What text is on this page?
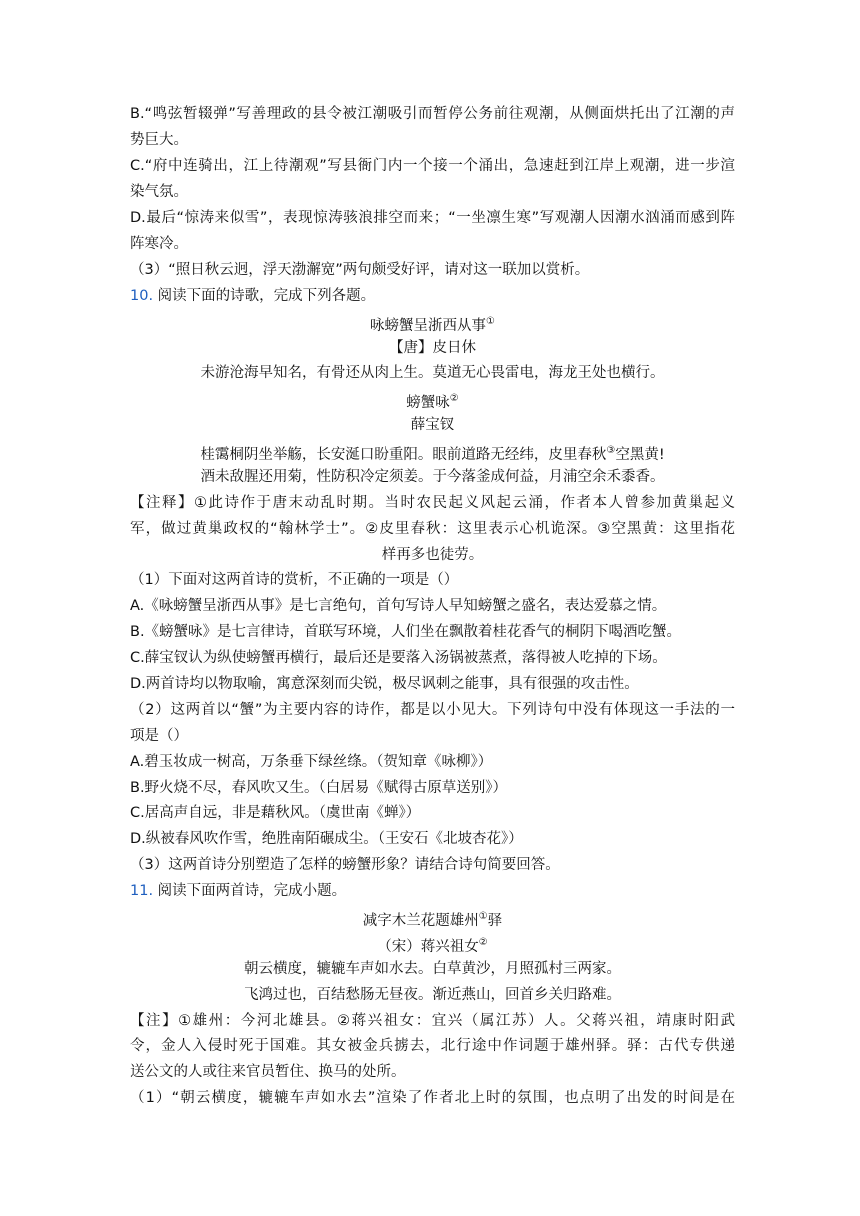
B.“鸣弦暂辍弹”写善理政的县令被江潮吸引而暂停公务前往观潮，从侧面烘托出了江潮的声
势巨大。
C.“府中连骑出，江上待潮观”写县衙门内一个接一个涌出，急速赶到江岸上观潮，进一步渲
染气氛。
D.最后“惊涛来似雪”，表现惊涛骇浪排空而来；“一坐凛生寒”写观潮人因潮水汹涌而感到阵
阵寒冷。
（3）“照日秋云迥，浮天渤澥宽”两句颇受好评，请对这一联加以赏析。
10. 阅读下面的诗歌，完成下列各题。
咏螃蟹呈浙西从事①
【唐】皮日休
未游沧海早知名，有骨还从肉上生。莫道无心畏雷电，海龙王处也横行。
螃蟹咏②
薛宝钗
桂霭桐阴坐举觞，长安涎口盼重阳。眼前道路无经纬，皮里春秋③空黑黄!
酒未敌腥还用菊，性防积冷定须姜。于今落釜成何益，月浦空余禾黍香。
【注释】①此诗作于唐末动乱时期。当时农民起义风起云涌，作者本人曾参加黄巢起义
军，做过黄巢政权的“翰林学士”。②皮里春秋：这里表示心机诡深。③空黑黄：这里指花
样再多也徒劳。
（1）下面对这两首诗的赏析，不正确的一项是（）
A.《咏螃蟹呈浙西从事》是七言绝句，首句写诗人早知螃蟹之盛名，表达爱慕之情。
B.《螃蟹咏》是七言律诗，首联写环境，人们坐在飘散着桂花香气的桐阴下喝酒吃蟹。
C.薛宝钗认为纵使螃蟹再横行，最后还是要落入汤锅被蒸煮，落得被人吃掉的下场。
D.两首诗均以物取喻，寓意深刻而尖锐，极尽讽刺之能事，具有很强的攻击性。
（2）这两首以“蟹”为主要内容的诗作，都是以小见大。下列诗句中没有体现这一手法的一
项是（）
A.碧玉妆成一树高，万条垂下绿丝绦。（贺知章《咏柳》）
B.野火烧不尽，春风吹又生。（白居易《赋得古原草送别》）
C.居高声自远，非是藉秋风。（虞世南《蝉》）
D.纵被春风吹作雪，绝胜南陌碾成尘。（王安石《北坡杏花》）
（3）这两首诗分别塑造了怎样的螃蟹形象？请结合诗句简要回答。
11. 阅读下面两首诗，完成小题。
减字木兰花题雄州①驿
（宋）蒋兴祖女②
朝云横度，辘辘车声如水去。白草黄沙，月照孤村三两家。
飞鸿过也，百结愁肠无昼夜。渐近燕山，回首乡关归路难。
【注】①雄州：今河北雄县。②蒋兴祖女：宜兴（属江苏）人。父蒋兴祖，靖康时阳武
令，金人入侵时死于国难。其女被金兵掳去，北行途中作词题于雄州驿。驿：古代专供递
送公文的人或往来官员暂住、换马的处所。
（1）“朝云横度，辘辘车声如水去”渲染了作者北上时的氛围，也点明了出发的时间是在
